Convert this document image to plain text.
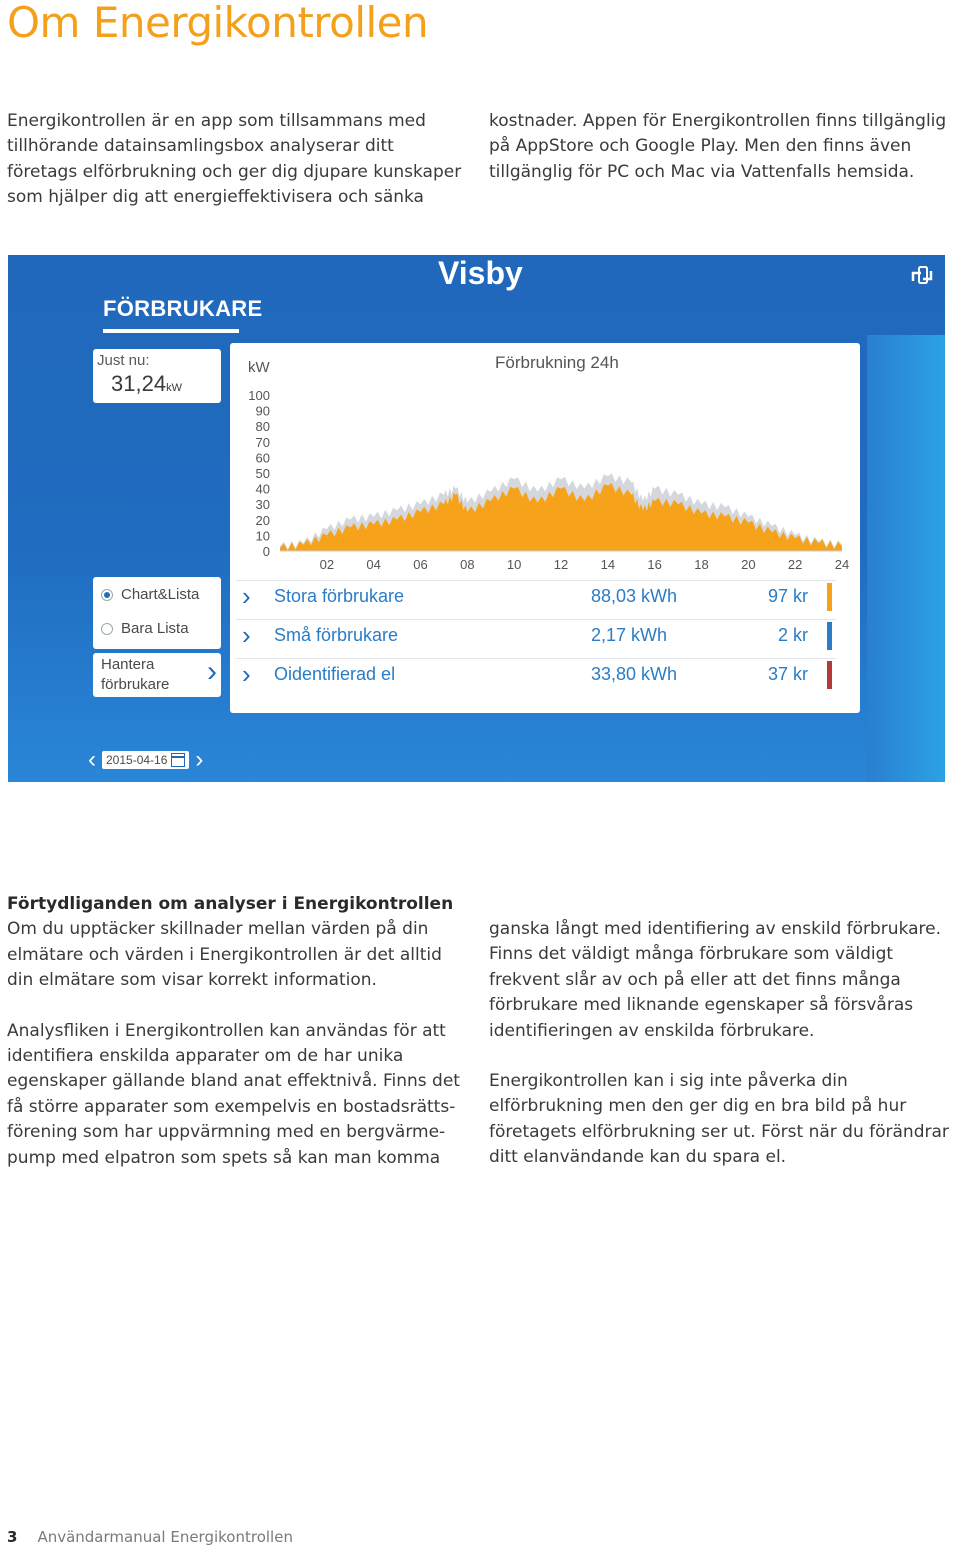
Om Energikontrollen

Energikontrollen är en app som tillsammans med tillhörande datainsamlingsbox analyserar ditt företags elförbrukning och ger dig djupare kunskaper som hjälper dig att energieffektivisera och sänka

kostnader. Appen för Energikontrollen finns tillgänglig på AppStore och Google Play. Men den finns även tillgänglig för PC och Mac via Vattenfalls hemsida.

Visby
FÖRBRUKARE
Just nu:
31,24kW
Förbrukning 24h
kW
100
90
80
70
60
50
40
30
20
10
0
02 04 06 08 10 12 14 16 18 20 22 24
Chart&Lista
Bara Lista
Hantera
förbrukare ›
› Stora förbrukare	88,03 kWh	97 kr
› Små förbrukare	2,17 kWh	2 kr
› Oidentifierad el	33,80 kWh	37 kr
‹ 2015-04-16 ›

Förtydliganden om analyser i Energikontrollen

Om du upptäcker skillnader mellan värden på din elmätare och värden i Energikontrollen är det alltid din elmätare som visar korrekt information.

Analysfliken i Energikontrollen kan användas för att identifiera enskilda apparater om de har unika egenskaper gällande bland anat effektnivå. Finns det få större apparater som exempelvis en bostadsrätts-förening som har uppvärmning med en bergvärme-pump med elpatron som spets så kan man komma

ganska långt med identifiering av enskild förbrukare. Finns det väldigt många förbrukare som väldigt frekvent slår av och på eller att det finns många förbrukare med liknande egenskaper så försvåras identifieringen av enskilda förbrukare.

Energikontrollen kan i sig inte påverka din elförbrukning men den ger dig en bra bild på hur företagets elförbrukning ser ut. Först när du förändrar ditt elanvändande kan du spara el.

3 Användarmanual Energikontrollen
